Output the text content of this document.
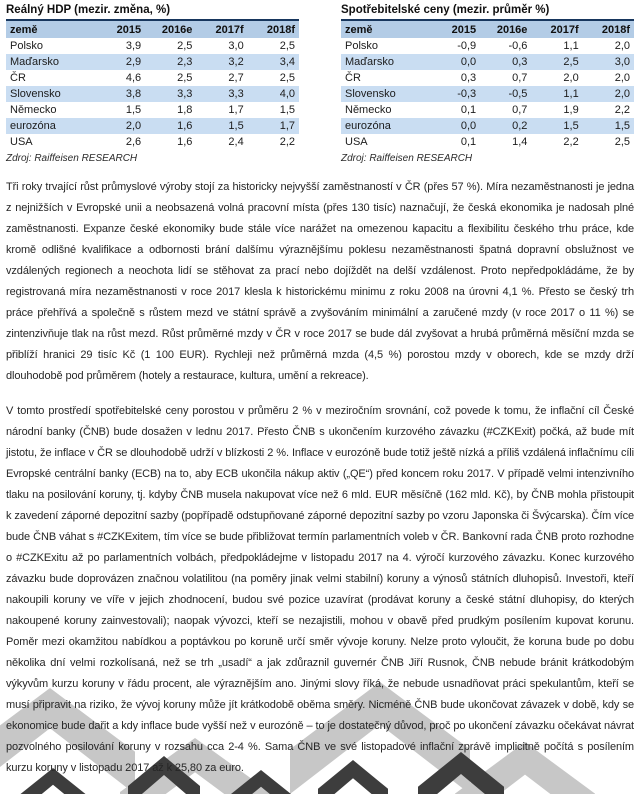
Reálný HDP (mezir. změna, %)
země	2015	2016e	2017f	2018f
Polsko	3,9	2,5	3,0	2,5
Maďarsko	2,9	2,3	3,2	3,4
ČR	4,6	2,5	2,7	2,5
Slovensko	3,8	3,3	3,3	4,0
Německo	1,5	1,8	1,7	1,5
eurozóna	2,0	1,6	1,5	1,7
USA	2,6	1,6	2,4	2,2
Zdroj: Raiffeisen RESEARCH
Spotřebitelské ceny (mezir. průměr %)
země	2015	2016e	2017f	2018f
Polsko	-0,9	-0,6	1,1	2,0
Maďarsko	0,0	0,3	2,5	3,0
ČR	0,3	0,7	2,0	2,0
Slovensko	-0,3	-0,5	1,1	2,0
Německo	0,1	0,7	1,9	2,2
eurozóna	0,0	0,2	1,5	1,5
USA	0,1	1,4	2,2	2,5
Zdroj: Raiffeisen RESEARCH

Tři roky trvající růst průmyslové výroby stojí za historicky nejvyšší zaměstnaností v ČR (přes 57 %). Míra nezaměstnanosti je jedna z nejnižších v Evropské unii a neobsazená volná pracovní místa (přes 130 tisíc) naznačují, že česká ekonomika je nadosah plné zaměstnanosti. Expanze české ekonomiky bude stále více narážet na omezenou kapacitu a flexibilitu českého trhu práce, kde kromě odlišné kvalifikace a odbornosti brání dalšímu výraznějšímu poklesu nezaměstnanosti špatná dopravní obslužnost ve vzdálených regionech a neochota lidí se stěhovat za prací nebo dojíždět na delší vzdálenost. Proto nepředpokládáme, že by registrovaná míra nezaměstnanosti v roce 2017 klesla k historickému minimu z roku 2008 na úrovni 4,1 %. Přesto se český trh práce přehřívá a společně s růstem mezd ve státní správě a zvyšováním minimální a zaručené mzdy (v roce 2017 o 11 %) se zintenzivňuje tlak na růst mezd. Růst průměrné mzdy v ČR v roce 2017 se bude dál zvyšovat a hrubá průměrná měsíční mzda se přiblíží hranici 29 tisíc Kč (1 100 EUR). Rychleji než průměrná mzda (4,5 %) porostou mzdy v oborech, kde se mzdy drží dlouhodobě pod průměrem (hotely a restaurace, kultura, umění a rekreace).

V tomto prostředí spotřebitelské ceny porostou v průměru 2 % v meziročním srovnání, což povede k tomu, že inflační cíl České národní banky (ČNB) bude dosažen v lednu 2017. Přesto ČNB s ukončením kurzového závazku (#CZKExit) počká, až bude mít jistotu, že inflace v ČR se dlouhodobě udrží v blízkosti 2 %. Inflace v eurozóně bude totiž ještě nízká a příliš vzdálená inflačnímu cíli Evropské centrální banky (ECB) na to, aby ECB ukončila nákup aktiv („QE“) před koncem roku 2017. V případě velmi intenzivního tlaku na posilování koruny, tj. kdyby ČNB musela nakupovat více než 6 mld. EUR měsíčně (162 mld. Kč), by ČNB mohla přistoupit k zavedení záporné depozitní sazby (popřípadě odstupňované záporné depozitní sazby po vzoru Japonska či Švýcarska). Čím více bude ČNB váhat s #CZKExitem, tím více se bude přibližovat termín parlamentních voleb v ČR. Bankovní rada ČNB proto rozhodne o #CZKExitu až po parlamentních volbách, předpokládejme v listopadu 2017 na 4. výročí kurzového závazku. Konec kurzového závazku bude doprovázen značnou volatilitou (na poměry jinak velmi stabilní) koruny a výnosů státních dluhopisů. Investoři, kteří nakoupili koruny ve víře v jejich zhodnocení, budou své pozice uzavírat (prodávat koruny a české státní dluhopisy, do kterých nakoupené koruny zainvestovali); naopak vývozci, kteří se nezajistili, mohou v obavě před prudkým posílením kupovat korunu. Poměr mezi okamžitou nabídkou a poptávkou po koruně určí směr vývoje koruny. Nelze proto vyloučit, že koruna bude po dobu několika dní velmi rozkolísaná, než se trh „usadí“ a jak zdůraznil guvernér ČNB Jiří Rusnok, ČNB nebude bránit krátkodobým výkyvům kurzu koruny v řádu procent, ale výraznějším ano. Jinými slovy říká, že nebude usnadňovat práci spekulantům, kteří se musí připravit na riziko, že vývoj koruny může jít krátkodobě oběma směry. Nicméně ČNB bude ukončovat závazek v době, kdy se ekonomice bude dařit a kdy inflace bude vyšší než v eurozóně – to je dostatečný důvod, proč po ukončení závazku očekávat návrat pozvolného posilování koruny v rozsahu cca 2-4 %. Sama ČNB ve své listopadové inflační zprávě implicitně počítá s posílením kurzu koruny v listopadu 2017 až k 25,80 za euro.
